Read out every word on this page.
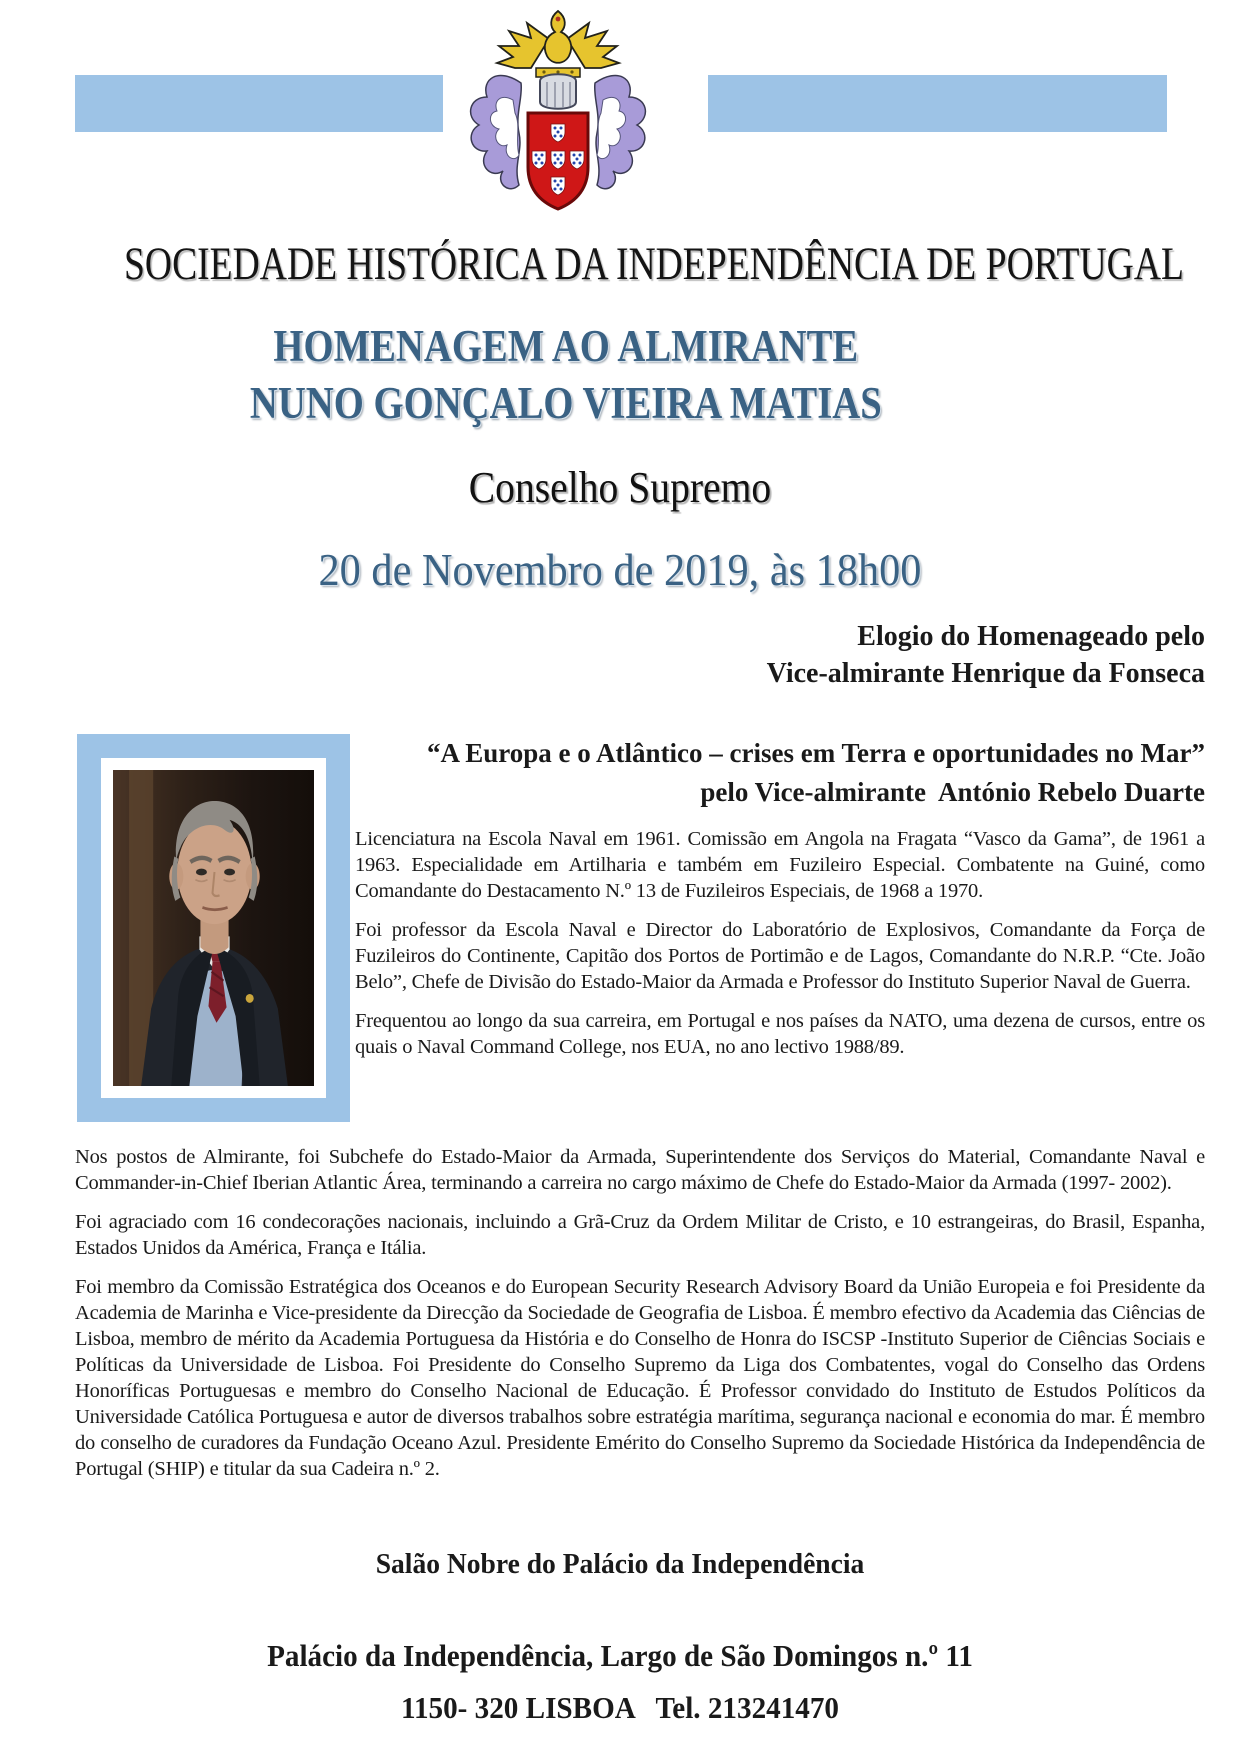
SOCIEDADE HISTÓRICA DA INDEPENDÊNCIA DE PORTUGAL
HOMENAGEM AO ALMIRANTE
NUNO GONÇALO VIEIRA MATIAS
Conselho Supremo
20 de Novembro de 2019, às 18h00
Elogio do Homenageado pelo
Vice-almirante Henrique da Fonseca
“A Europa e o Atlântico – crises em Terra e oportunidades no Mar”
pelo Vice-almirante  António Rebelo Duarte

Licenciatura na Escola Naval em 1961. Comissão em Angola na Fragata “Vasco da Gama”, de 1961 a 1963. Especialidade em Artilharia e também em Fuzileiro Especial. Combatente na Guiné, como Comandante do Destacamento N.º 13 de Fuzileiros Especiais, de 1968 a 1970.

Foi professor da Escola Naval e Director do Laboratório de Explosivos, Comandante da Força de Fuzileiros do Continente, Capitão dos Portos de Portimão e de Lagos, Comandante do N.R.P. “Cte. João Belo”, Chefe de Divisão do Estado-Maior da Armada e Professor do Instituto Superior Naval de Guerra.

Frequentou ao longo da sua carreira, em Portugal e nos países da NATO, uma dezena de cursos, entre os quais o Naval Command College, nos EUA, no ano lectivo 1988/89.

Nos postos de Almirante, foi Subchefe do Estado-Maior da Armada, Superintendente dos Serviços do Material, Comandante Naval e Commander-in-Chief Iberian Atlantic Área, terminando a carreira no cargo máximo de Chefe do Estado-Maior da Armada (1997- 2002).

Foi agraciado com 16 condecorações nacionais, incluindo a Grã-Cruz da Ordem Militar de Cristo, e 10 estrangeiras, do Brasil, Espanha, Estados Unidos da América, França e Itália.

Foi membro da Comissão Estratégica dos Oceanos e do European Security Research Advisory Board da União Europeia e foi Presidente da Academia de Marinha e Vice-presidente da Direcção da Sociedade de Geografia de Lisboa. É membro efectivo da Academia das Ciências de Lisboa, membro de mérito da Academia Portuguesa da História e do Conselho de Honra do ISCSP -Instituto Superior de Ciências Sociais e Políticas da Universidade de Lisboa. Foi Presidente do Conselho Supremo da Liga dos Combatentes, vogal do Conselho das Ordens Honoríficas Portuguesas e membro do Conselho Nacional de Educação. É Professor convidado do Instituto de Estudos Políticos da Universidade Católica Portuguesa e autor de diversos trabalhos sobre estratégia marítima, segurança nacional e economia do mar. É membro do conselho de curadores da Fundação Oceano Azul. Presidente Emérito do Conselho Supremo da Sociedade Histórica da Independência de Portugal (SHIP) e titular da sua Cadeira n.º 2.

Salão Nobre do Palácio da Independência
Palácio da Independência, Largo de São Domingos n.º 11
1150- 320 LISBOA   Tel. 213241470
